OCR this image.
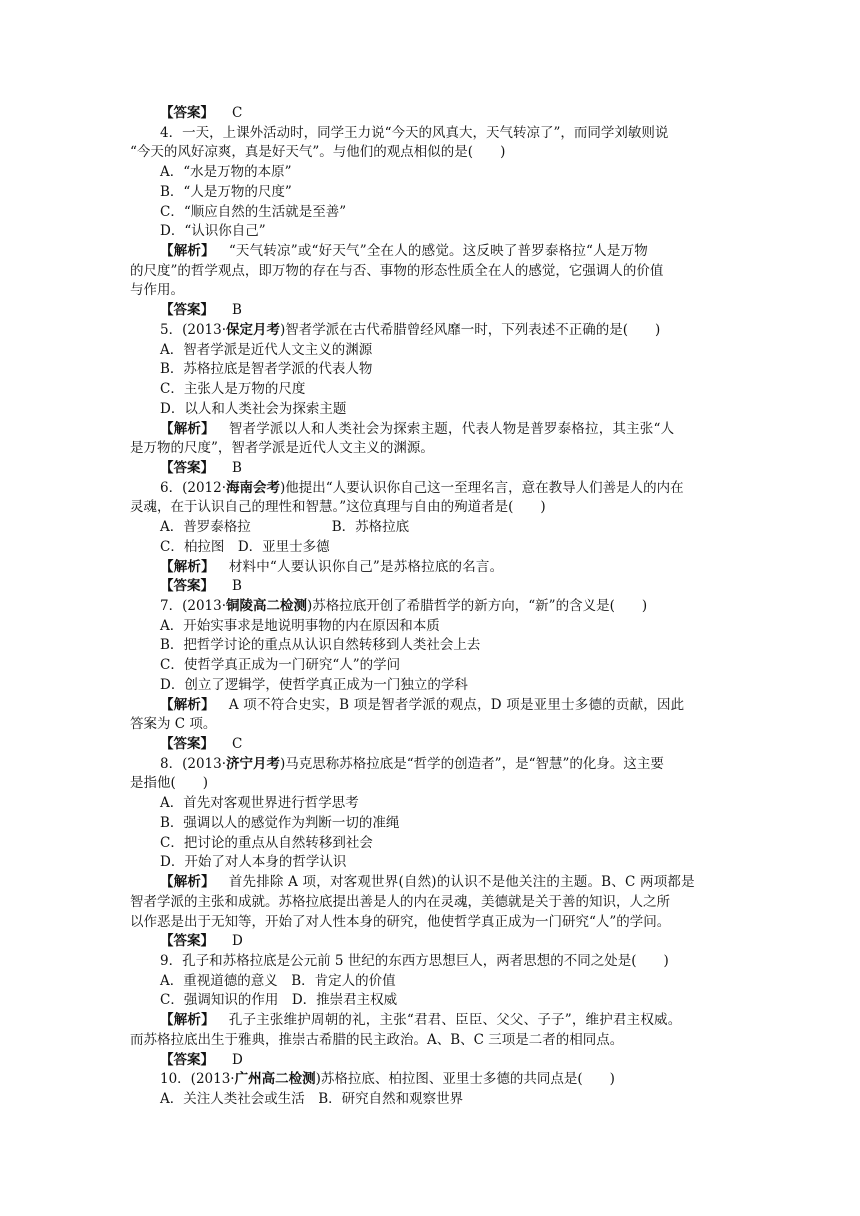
【答案】 C
4．一天，上课外活动时，同学王力说“今天的风真大，天气转凉了”，而同学刘敏则说
“今天的风好凉爽，真是好天气”。与他们的观点相似的是(　　)
A．“水是万物的本原”
B．“人是万物的尺度”
C．“顺应自然的生活就是至善”
D．“认识你自己”
【解析】 “天气转凉”或“好天气”全在人的感觉。这反映了普罗泰格拉“人是万物
的尺度”的哲学观点，即万物的存在与否、事物的形态性质全在人的感觉，它强调人的价值
与作用。
【答案】 B
5．(2013·保定月考)智者学派在古代希腊曾经风靡一时，下列表述不正确的是(　　)
A．智者学派是近代人文主义的渊源
B．苏格拉底是智者学派的代表人物
C．主张人是万物的尺度
D．以人和人类社会为探索主题
【解析】 智者学派以人和人类社会为探索主题，代表人物是普罗泰格拉，其主张“人
是万物的尺度”，智者学派是近代人文主义的渊源。
【答案】 B
6．(2012·海南会考)他提出“人要认识你自己这一至理名言，意在教导人们善是人的内在
灵魂，在于认识自己的理性和智慧。”这位真理与自由的殉道者是(　　)
A．普罗泰格拉　　　　　　B．苏格拉底
C．柏拉图　D．亚里士多德
【解析】 材料中“人要认识你自己”是苏格拉底的名言。
【答案】 B
7．(2013·铜陵高二检测)苏格拉底开创了希腊哲学的新方向，“新”的含义是(　　)
A．开始实事求是地说明事物的内在原因和本质
B．把哲学讨论的重点从认识自然转移到人类社会上去
C．使哲学真正成为一门研究“人”的学问
D．创立了逻辑学，使哲学真正成为一门独立的学科
【解析】 A 项不符合史实，B 项是智者学派的观点，D 项是亚里士多德的贡献，因此
答案为 C 项。
【答案】 C
8．(2013·济宁月考)马克思称苏格拉底是“哲学的创造者”，是“智慧”的化身。这主要
是指他(　　)
A．首先对客观世界进行哲学思考
B．强调以人的感觉作为判断一切的准绳
C．把讨论的重点从自然转移到社会
D．开始了对人本身的哲学认识
【解析】 首先排除 A 项，对客观世界(自然)的认识不是他关注的主题。B、C 两项都是
智者学派的主张和成就。苏格拉底提出善是人的内在灵魂，美德就是关于善的知识，人之所
以作恶是出于无知等，开始了对人性本身的研究，他使哲学真正成为一门研究“人”的学问。
【答案】 D
9．孔子和苏格拉底是公元前 5 世纪的东西方思想巨人，两者思想的不同之处是(　　)
A．重视道德的意义　B．肯定人的价值
C．强调知识的作用　D．推崇君主权威
【解析】 孔子主张维护周朝的礼，主张“君君、臣臣、父父、子子”，维护君主权威。
而苏格拉底出生于雅典，推崇古希腊的民主政治。A、B、C 三项是二者的相同点。
【答案】 D
10．(2013·广州高二检测)苏格拉底、柏拉图、亚里士多德的共同点是(　　)
A．关注人类社会或生活　B．研究自然和观察世界
